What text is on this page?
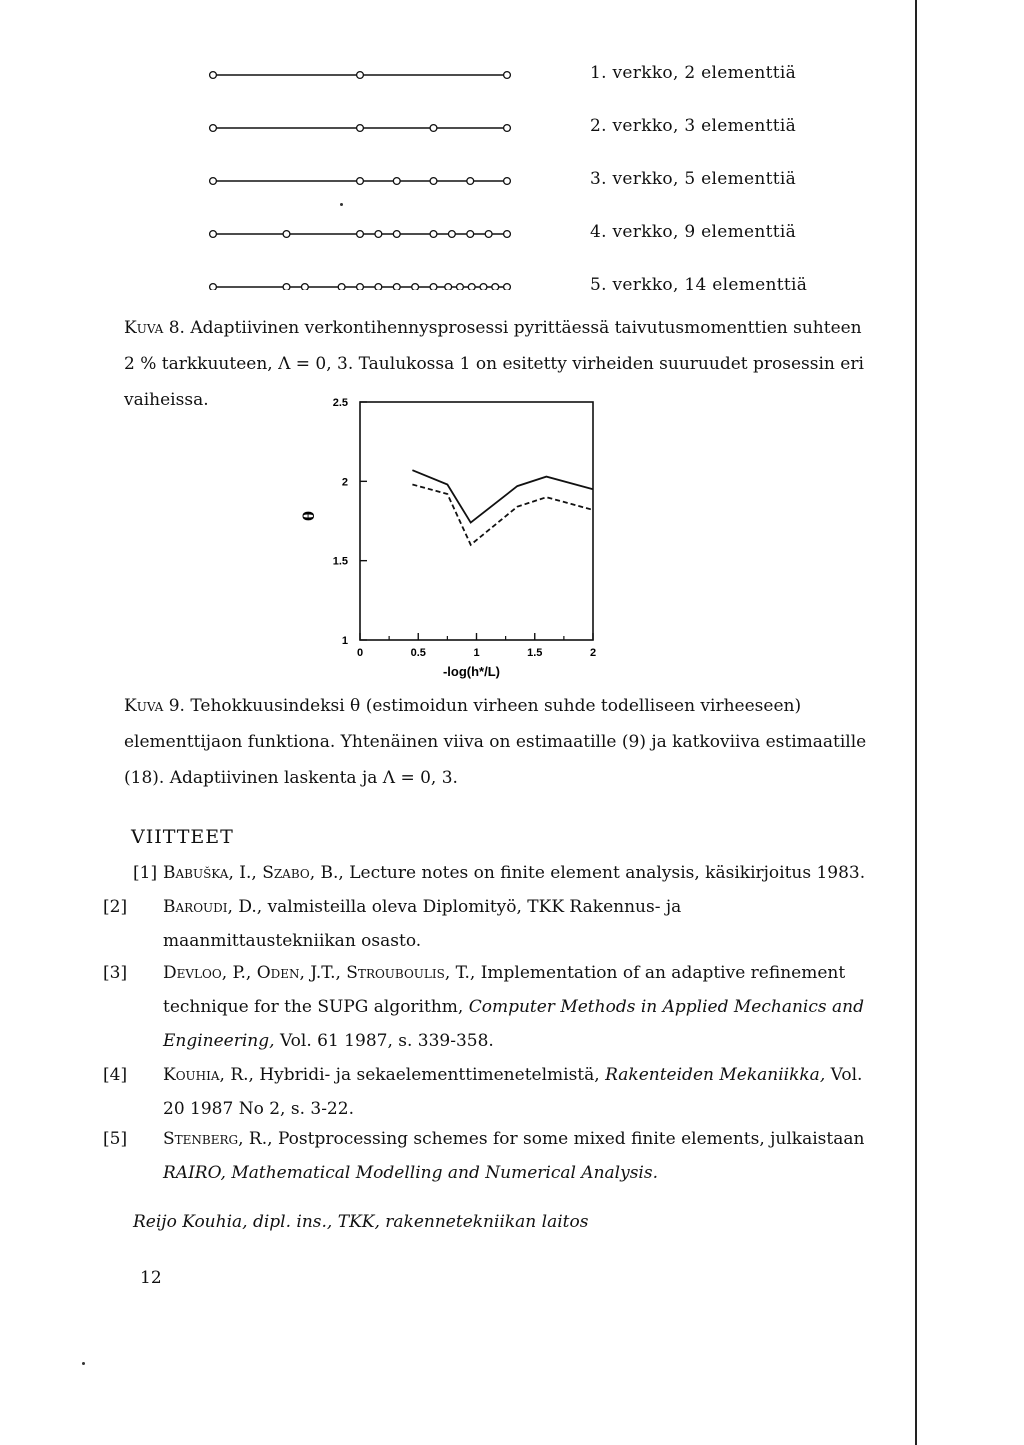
1. verkko, 2 elementtiä
2. verkko, 3 elementtiä
3. verkko, 5 elementtiä
4. verkko, 9 elementtiä
5. verkko, 14 elementtiä
Kuva 8. Adaptiivinen verkontihennysprosessi pyrittäessä taivutusmomenttien suhteen 2 % tarkkuuteen, Λ = 0, 3. Taulukossa 1 on esitetty virheiden suuruudet prosessin eri vaiheissa.
0	0.5	1	1.5	2
1
1.5
2
2.5
-log(h*/L)
θ
Kuva 9. Tehokkuusindeksi θ (estimoidun virheen suhde todelliseen virheeseen) elementtijaon funktiona. Yhtenäinen viiva on estimaatille (9) ja katkoviiva estimaatille (18). Adaptiivinen laskenta ja Λ = 0, 3.
VIITTEET
[1] Babuška, I., Szabo, B., Lecture notes on finite element analysis, käsikirjoitus 1983.
[2] Baroudi, D., valmisteilla oleva Diplomityö, TKK Rakennus- ja maanmittaustekniikan osasto.
[3] Devloo, P., Oden, J.T., Strouboulis, T., Implementation of an adaptive refinement technique for the SUPG algorithm, Computer Methods in Applied Mechanics and Engineering, Vol. 61 1987, s. 339-358.
[4] Kouhia, R., Hybridi- ja sekaelementtimenetelmistä, Rakenteiden Mekaniikka, Vol. 20 1987 No 2, s. 3-22.
[5] Stenberg, R., Postprocessing schemes for some mixed finite elements, julkaistaan RAIRO, Mathematical Modelling and Numerical Analysis.
Reijo Kouhia, dipl. ins., TKK, rakennetekniikan laitos
12
